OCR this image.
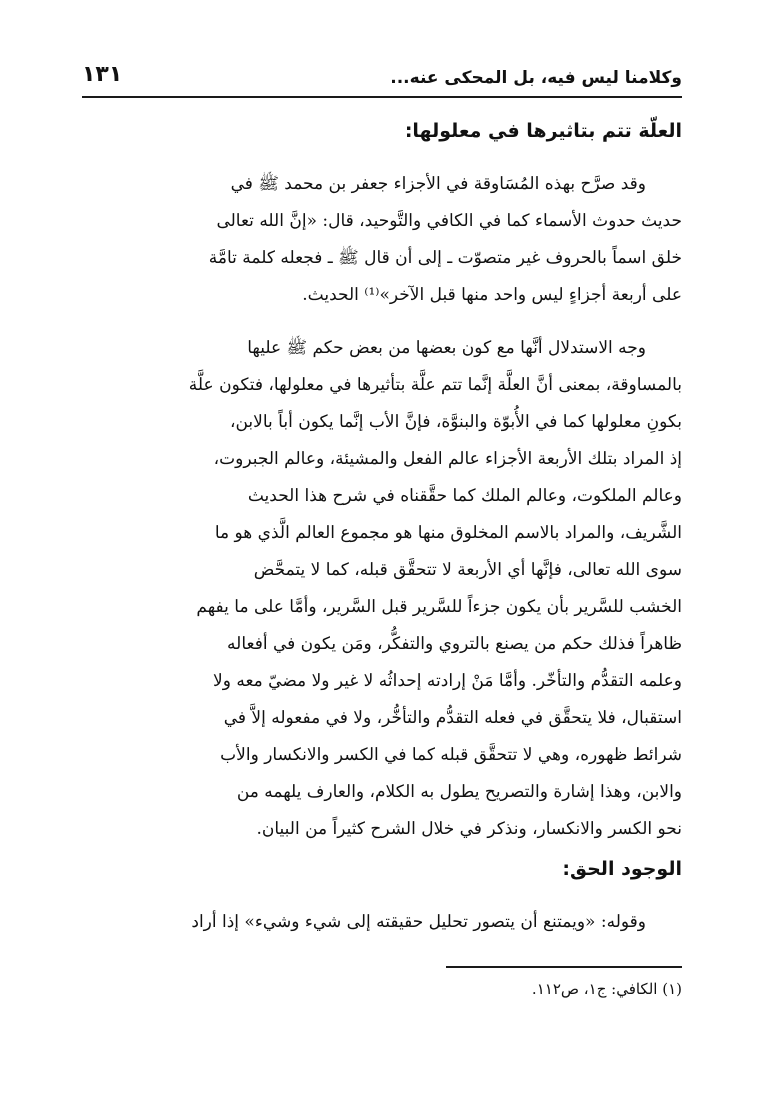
وكلامنا ليس فيه، بل المحكى عنه...
١٣١
العلّة تتم بتاثيرها في معلولها:
وقد صرَّح بهذه المُسَاوقة في الأجزاء جعفر بن محمد ﷺ في
حديث حدوث الأسماء كما في الكافي والتَّوحيد، قال: «إنَّ الله تعالى
خلق اسماً بالحروف غير متصوّت ـ إلى أن قال ﷺ ـ فجعله كلمة تامَّة
على أربعة أجزاءٍ ليس واحد منها قبل الآخر»⁽¹⁾ الحديث.
وجه الاستدلال أنَّها مع كون بعضها من بعض حكم ﷺ عليها
بالمساوقة، بمعنى أنَّ العلَّة إنَّما تتم علَّة بتأثيرها في معلولها، فتكون علَّة
بكونِ معلولها كما في الأُبوّة والبنوَّة، فإنَّ الأب إنَّما يكون أباً بالابن،
إذ المراد بتلك الأربعة الأجزاء عالم الفعل والمشيئة، وعالم الجبروت،
وعالم الملكوت، وعالم الملك كما حقَّقناه في شرح هذا الحديث
الشَّريف، والمراد بالاسم المخلوق منها هو مجموع العالم الَّذي هو ما
سوى الله تعالى، فإنَّها أي الأربعة لا تتحقَّق قبله، كما لا يتمحَّض
الخشب للسَّرير بأن يكون جزءاً للسَّرير قبل السَّرير، وأمَّا على ما يفهم
ظاهراً فذلك حكم من يصنع بالتروي والتفكُّر، ومَن يكون في أفعاله
وعلمه التقدُّم والتأخّر. وأمَّا مَنْ إرادته إحداثُه لا غير ولا مضيّ معه ولا
استقبال، فلا يتحقَّق في فعله التقدُّم والتأخُّر، ولا في مفعوله إلاَّ في
شرائط ظهوره، وهي لا تتحقَّق قبله كما في الكسر والانكسار والأب
والابن، وهذا إشارة والتصريح يطول به الكلام، والعارف يلهمه من
نحو الكسر والانكسار، ونذكر في خلال الشرح كثيراً من البيان.
الوجود الحق:
وقوله: «ويمتنع أن يتصور تحليل حقيقته إلى شيء وشيء» إذا أراد
(١) الكافي: ج١، ص١١٢.
